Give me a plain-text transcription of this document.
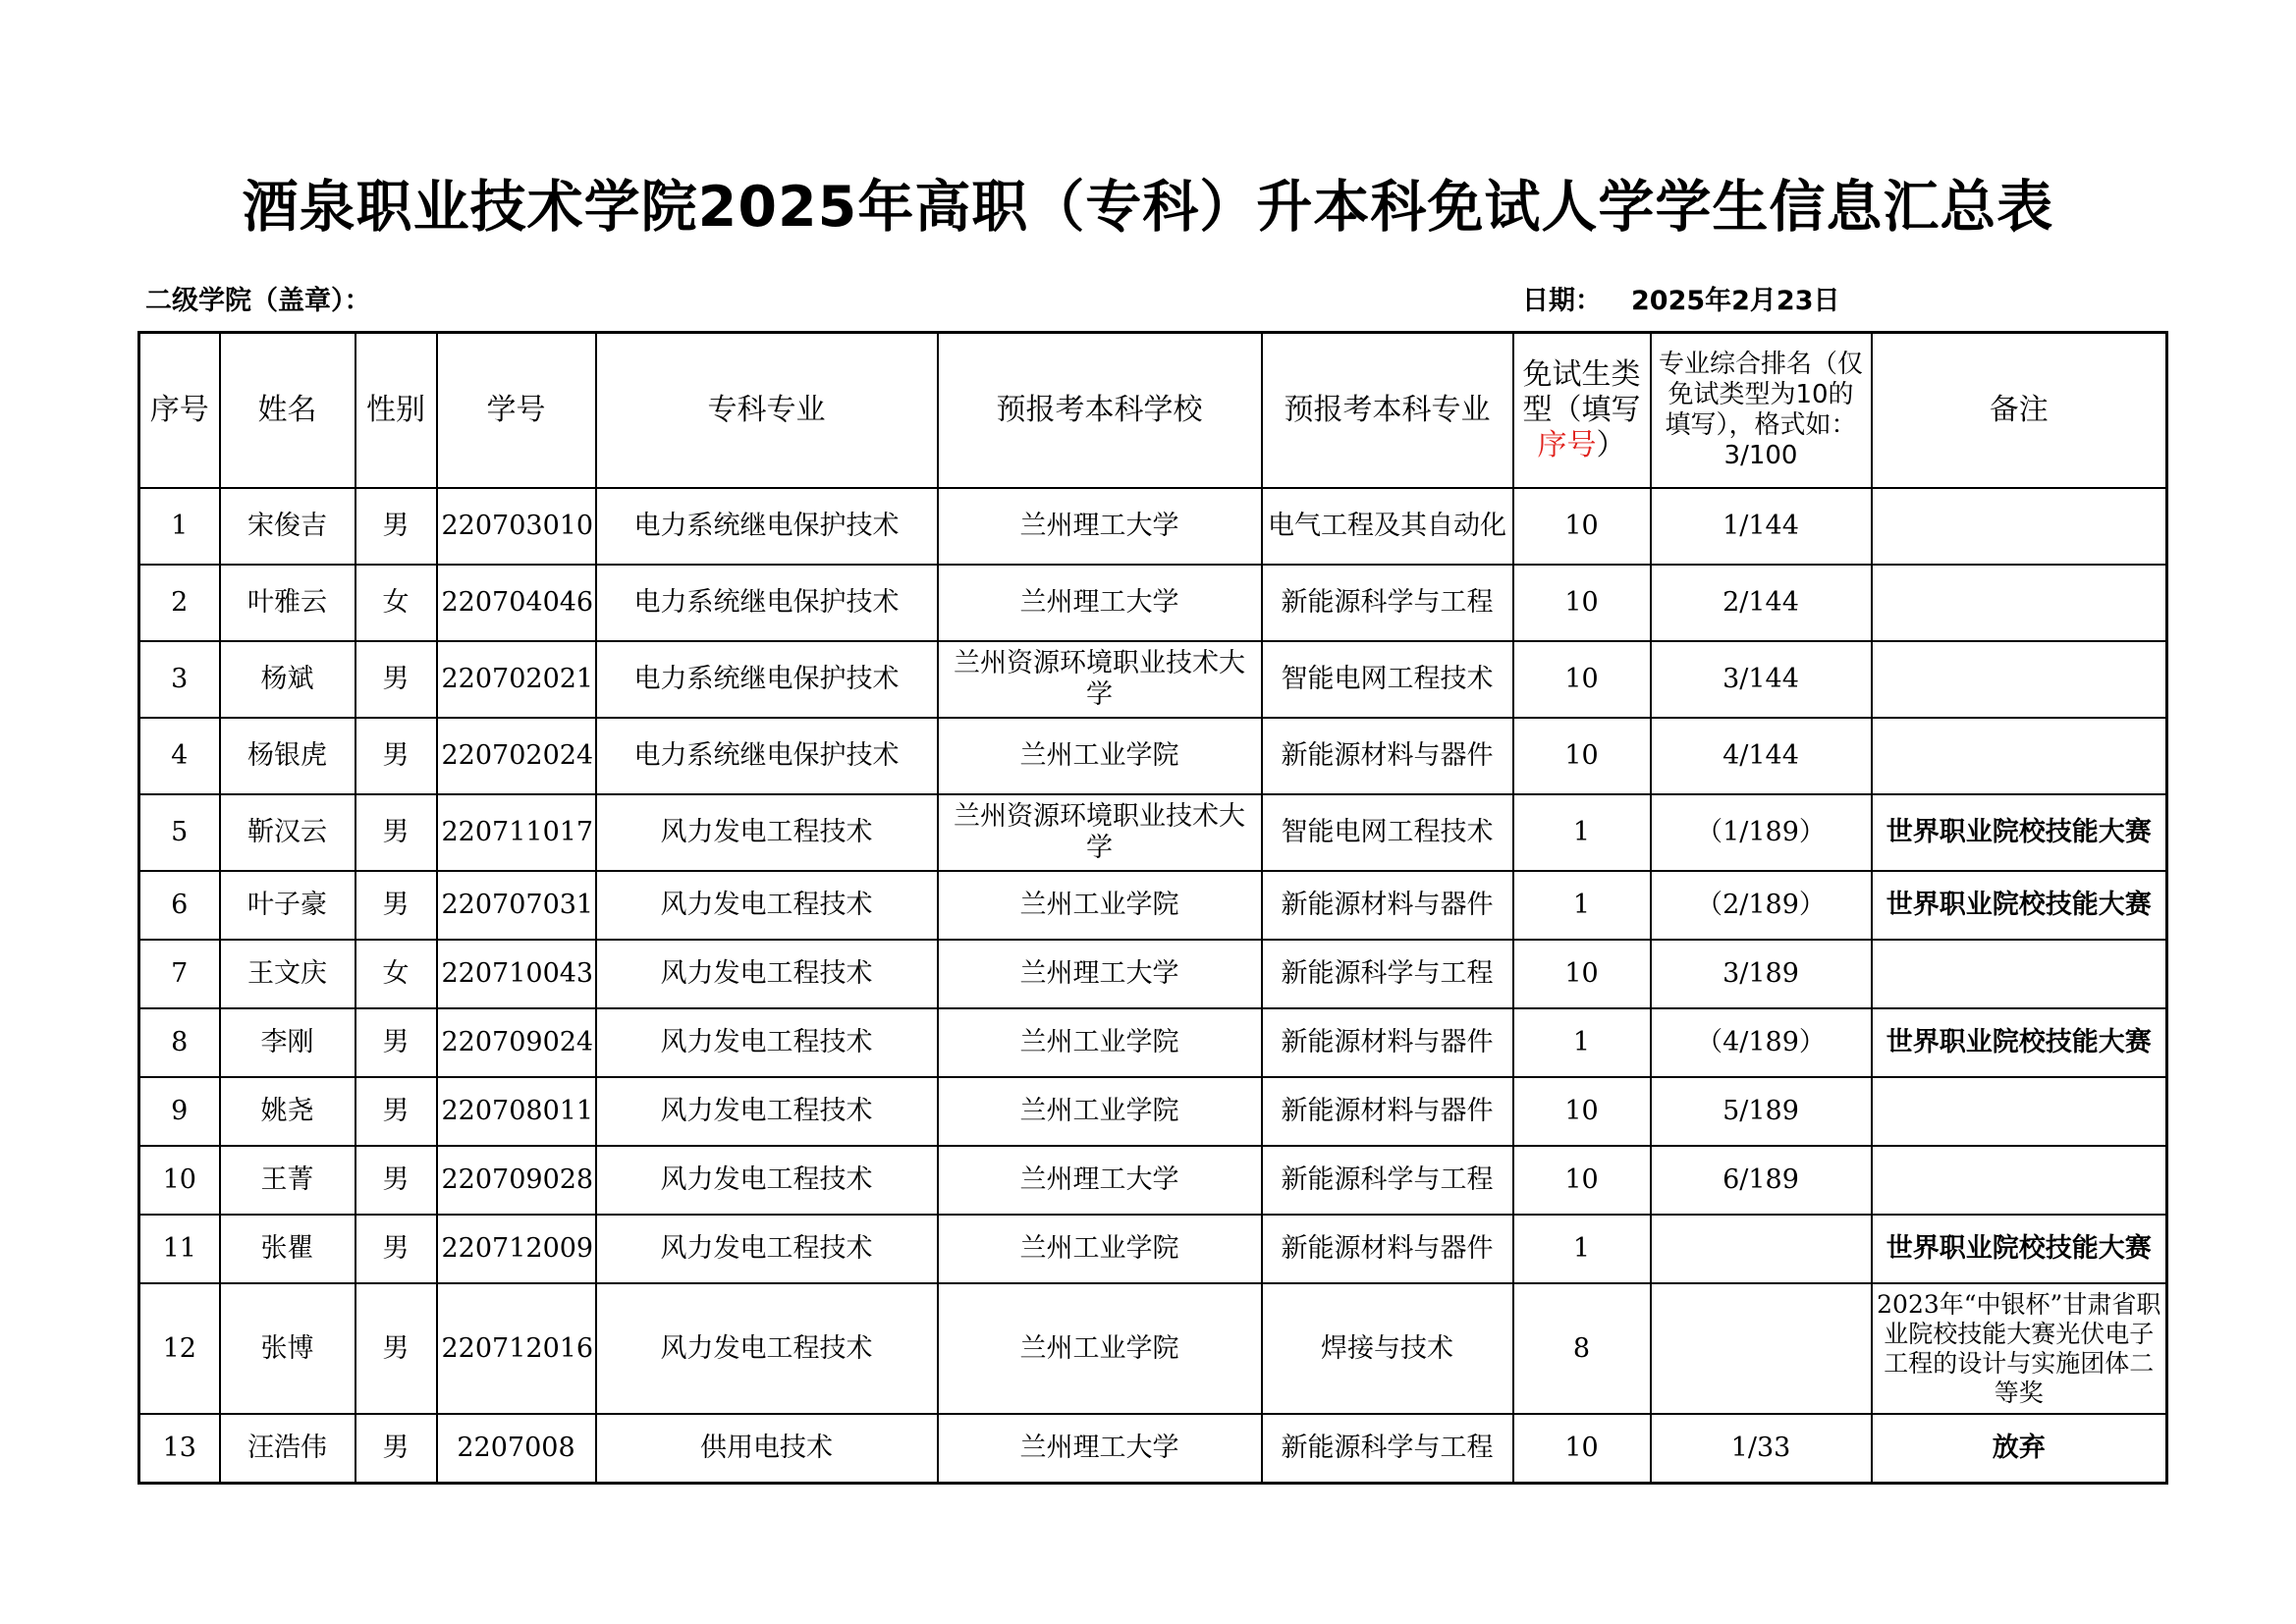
酒泉职业技术学院2025年高职（专科）升本科免试人学学生信息汇总表
二级学院（盖章）：	日期： 2025年2月23日
序号	姓名	性别	学号	专科专业	预报考本科学校	预报考本科专业	免试生类型（填写序号）	专业综合排名（仅免试类型为10的填写），格式如：3/100	备注
1	宋俊吉	男	220703010	电力系统继电保护技术	兰州理工大学	电气工程及其自动化	10	1/144	
2	叶雅云	女	220704046	电力系统继电保护技术	兰州理工大学	新能源科学与工程	10	2/144	
3	杨斌	男	220702021	电力系统继电保护技术	兰州资源环境职业技术大学	智能电网工程技术	10	3/144	
4	杨银虎	男	220702024	电力系统继电保护技术	兰州工业学院	新能源材料与器件	10	4/144	
5	靳汉云	男	220711017	风力发电工程技术	兰州资源环境职业技术大学	智能电网工程技术	1	（1/189）	世界职业院校技能大赛
6	叶子豪	男	220707031	风力发电工程技术	兰州工业学院	新能源材料与器件	1	（2/189）	世界职业院校技能大赛
7	王文庆	女	220710043	风力发电工程技术	兰州理工大学	新能源科学与工程	10	3/189	
8	李刚	男	220709024	风力发电工程技术	兰州工业学院	新能源材料与器件	1	（4/189）	世界职业院校技能大赛
9	姚尧	男	220708011	风力发电工程技术	兰州工业学院	新能源材料与器件	10	5/189	
10	王菁	男	220709028	风力发电工程技术	兰州理工大学	新能源科学与工程	10	6/189	
11	张瞿	男	220712009	风力发电工程技术	兰州工业学院	新能源材料与器件	1		世界职业院校技能大赛
12	张博	男	220712016	风力发电工程技术	兰州工业学院	焊接与技术	8		2023年“中银杯”甘肃省职业院校技能大赛光伏电子工程的设计与实施团体二等奖
13	汪浩伟	男	2207008	供用电技术	兰州理工大学	新能源科学与工程	10	1/33	放弃
